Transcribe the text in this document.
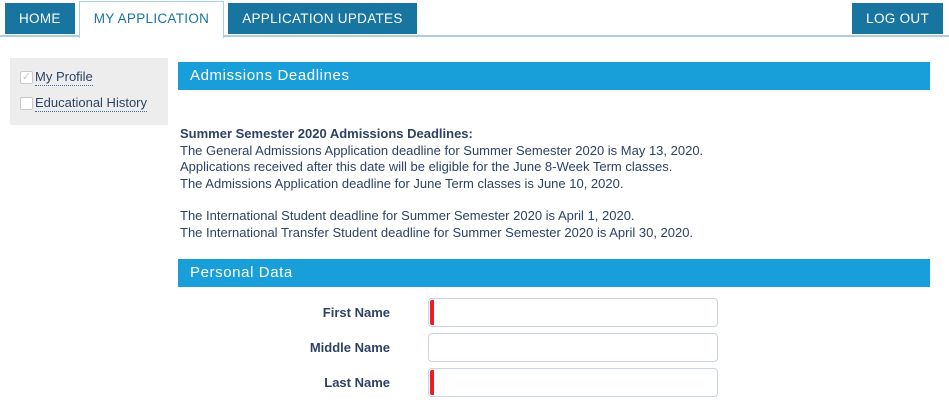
HOME	MY APPLICATION	APPLICATION UPDATES	LOG OUT
✓ My Profile
Educational History
Admissions Deadlines
Summer Semester 2020 Admissions Deadlines:
The General Admissions Application deadline for Summer Semester 2020 is May 13, 2020.
Applications received after this date will be eligible for the June 8-Week Term classes.
The Admissions Application deadline for June Term classes is June 10, 2020.
The International Student deadline for Summer Semester 2020 is April 1, 2020.
The International Transfer Student deadline for Summer Semester 2020 is April 30, 2020.
Personal Data
First Name
Middle Name
Last Name
